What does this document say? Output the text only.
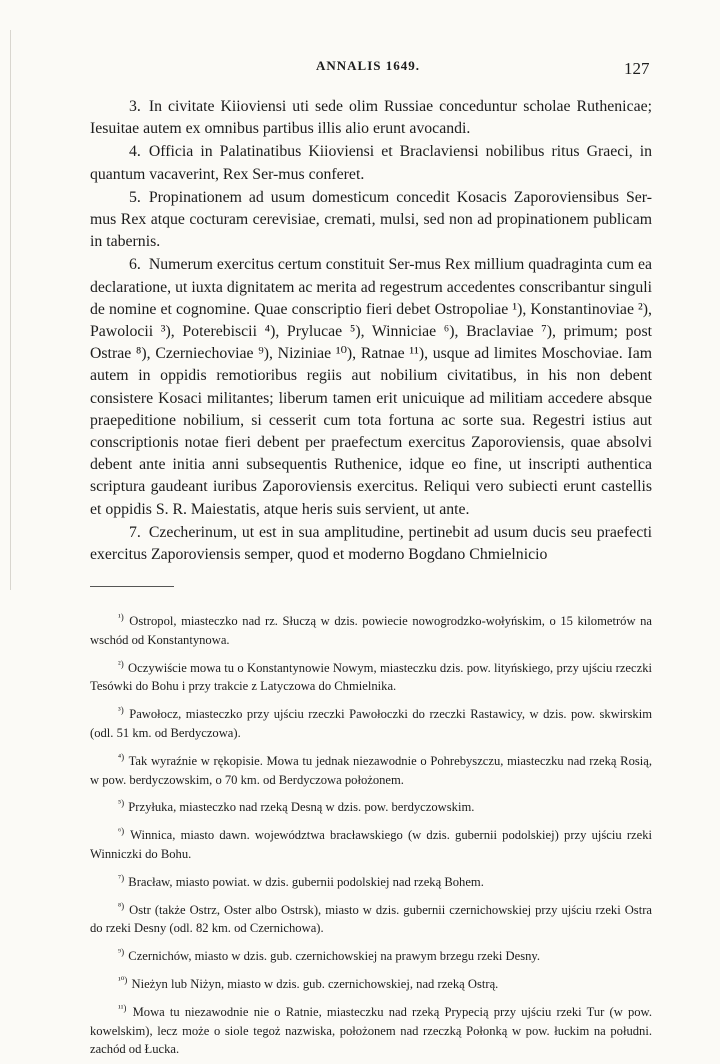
ANNALIS 1649.	127

3. In civitate Kiioviensi uti sede olim Russiae conceduntur scholae Ruthenicae; Iesuitae autem ex omnibus partibus illis alio erunt avocandi.

4. Officia in Palatinatibus Kiioviensi et Braclaviensi nobilibus ritus Graeci, in quantum vacaverint, Rex Ser-mus conferet.

5. Propinationem ad usum domesticum concedit Kosacis Zaporoviensibus Ser-mus Rex atque cocturam cerevisiae, cremati, mulsi, sed non ad propinationem publicam in tabernis.

6. Numerum exercitus certum constituit Ser-mus Rex millium quadraginta cum ea declaratione, ut iuxta dignitatem ac merita ad regestrum accedentes conscribantur singuli de nomine et cognomine. Quae conscriptio fieri debet Ostropoliae ¹), Konstantinoviae ²), Pawolocii ³), Poterebiscii ⁴), Prylucae ⁵), Winniciae ⁶), Braclaviae ⁷), primum; post Ostrae ⁸), Czerniechoviae ⁹), Niziniae ¹⁰), Ratnae ¹¹), usque ad limites Moschoviae. Iam autem in oppidis remotioribus regiis aut nobilium civitatibus, in his non debent consistere Kosaci militantes; liberum tamen erit unicuique ad militiam accedere absque praepeditione nobilium, si cesserit cum tota fortuna ac sorte sua. Regestri istius aut conscriptionis notae fieri debent per praefectum exercitus Zaporoviensis, quae absolvi debent ante initia anni subsequentis Ruthenice, idque eo fine, ut inscripti authentica scriptura gaudeant iuribus Zaporoviensis exercitus. Reliqui vero subiecti erunt castellis et oppidis S. R. Maiestatis, atque heris suis servient, ut ante.

7. Czecherinum, ut est in sua amplitudine, pertinebit ad usum ducis seu praefecti exercitus Zaporoviensis semper, quod et moderno Bogdano Chmielnicio

$^{^1)}$ Ostropol, miasteczko nad rz. Słuczą w dzis. powiecie nowogrodzko-wołyńskim, o 15 kilometrów na wschód od Konstantynowa.

$^{^2)}$ Oczywiście mowa tu o Konstantynowie Nowym, miasteczku dzis. pow. lityńskiego, przy ujściu rzeczki Tesówki do Bohu i przy trakcie z Latyczowa do Chmielnika.

$^{^3)}$ Pawołocz, miasteczko przy ujściu rzeczki Pawołoczki do rzeczki Rastawicy, w dzis. pow. skwirskim (odl. 51 km. od Berdyczowa).

$^{^4)}$ Tak wyraźnie w rękopisie. Mowa tu jednak niezawodnie o Pohrebyszczu, miasteczku nad rzeką Rosią, w pow. berdyczowskim, o 70 km. od Berdyczowa położonem.

$^{^5)}$ Przyłuka, miasteczko nad rzeką Desną w dzis. pow. berdyczowskim.

$^{^6)}$ Winnica, miasto dawn. województwa bracławskiego (w dzis. gubernii podolskiej) przy ujściu rzeki Winniczki do Bohu.

$^{^7)}$ Bracław, miasto powiat. w dzis. gubernii podolskiej nad rzeką Bohem.

$^{^8)}$ Ostr (także Ostrz, Oster albo Ostrsk), miasto w dzis. gubernii czernichowskiej przy ujściu rzeki Ostra do rzeki Desny (odl. 82 km. od Czernichowa).

$^{^9)}$ Czernichów, miasto w dzis. gub. czernichowskiej na prawym brzegu rzeki Desny.

$^{^{10})}$ Nieżyn lub Niżyn, miasto w dzis. gub. czernichowskiej, nad rzeką Ostrą.

$^{^{11})}$ Mowa tu niezawodnie nie o Ratnie, miasteczku nad rzeką Prypecią przy ujściu rzeki Tur (w pow. kowelskim), lecz może o siole tegoż nazwiska, położonem nad rzeczką Połonką w pow. łuckim na południ. zachód od Łucka.
